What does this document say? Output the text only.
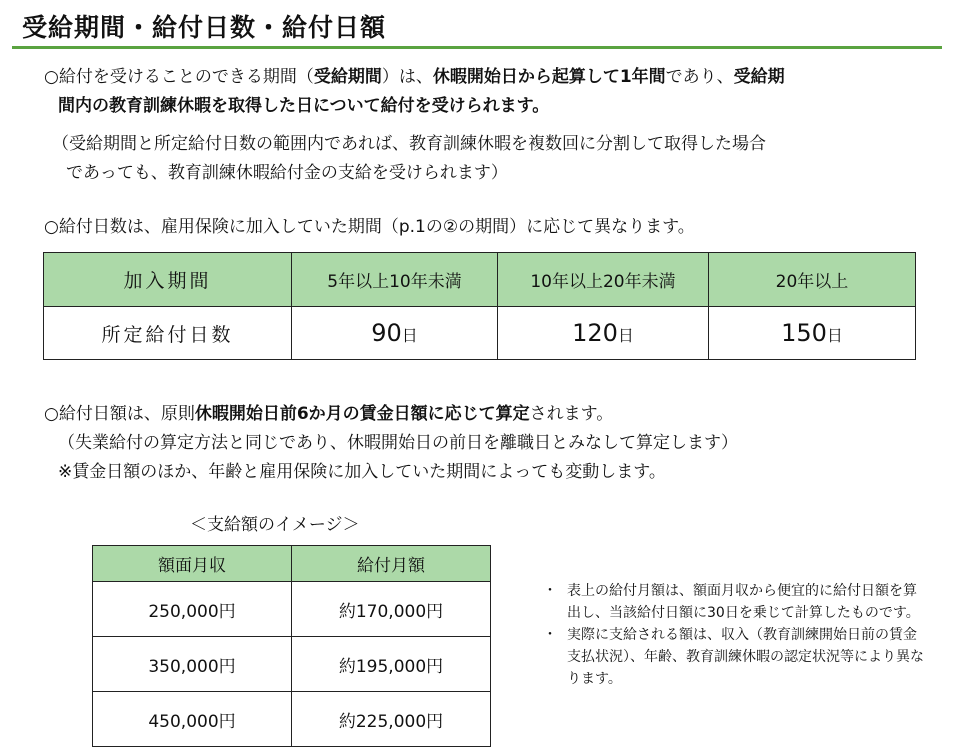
受給期間・給付日数・給付日額
○給付を受けることのできる期間（受給期間）は、休暇開始日から起算して1年間であり、受給期
間内の教育訓練休暇を取得した日について給付を受けられます。
（受給期間と所定給付日数の範囲内であれば、教育訓練休暇を複数回に分割して取得した場合
であっても、教育訓練休暇給付金の支給を受けられます）
○給付日数は、雇用保険に加入していた期間（p.1の②の期間）に応じて異なります。
加入期間	5年以上10年未満	10年以上20年未満	20年以上
所定給付日数	90日	120日	150日
○給付日額は、原則休暇開始日前6か月の賃金日額に応じて算定されます。
（失業給付の算定方法と同じであり、休暇開始日の前日を離職日とみなして算定します）
※賃金日額のほか、年齢と雇用保険に加入していた期間によっても変動します。
＜支給額のイメージ＞
額面月収	給付月額
250,000円	約170,000円
350,000円	約195,000円
450,000円	約225,000円
・ 表上の給付月額は、額面月収から便宜的に給付日額を算出し、当該給付日額に30日を乗じて計算したものです。
・ 実際に支給される額は、収入（教育訓練開始日前の賃金支払状況）、年齢、教育訓練休暇の認定状況等により異なります。
